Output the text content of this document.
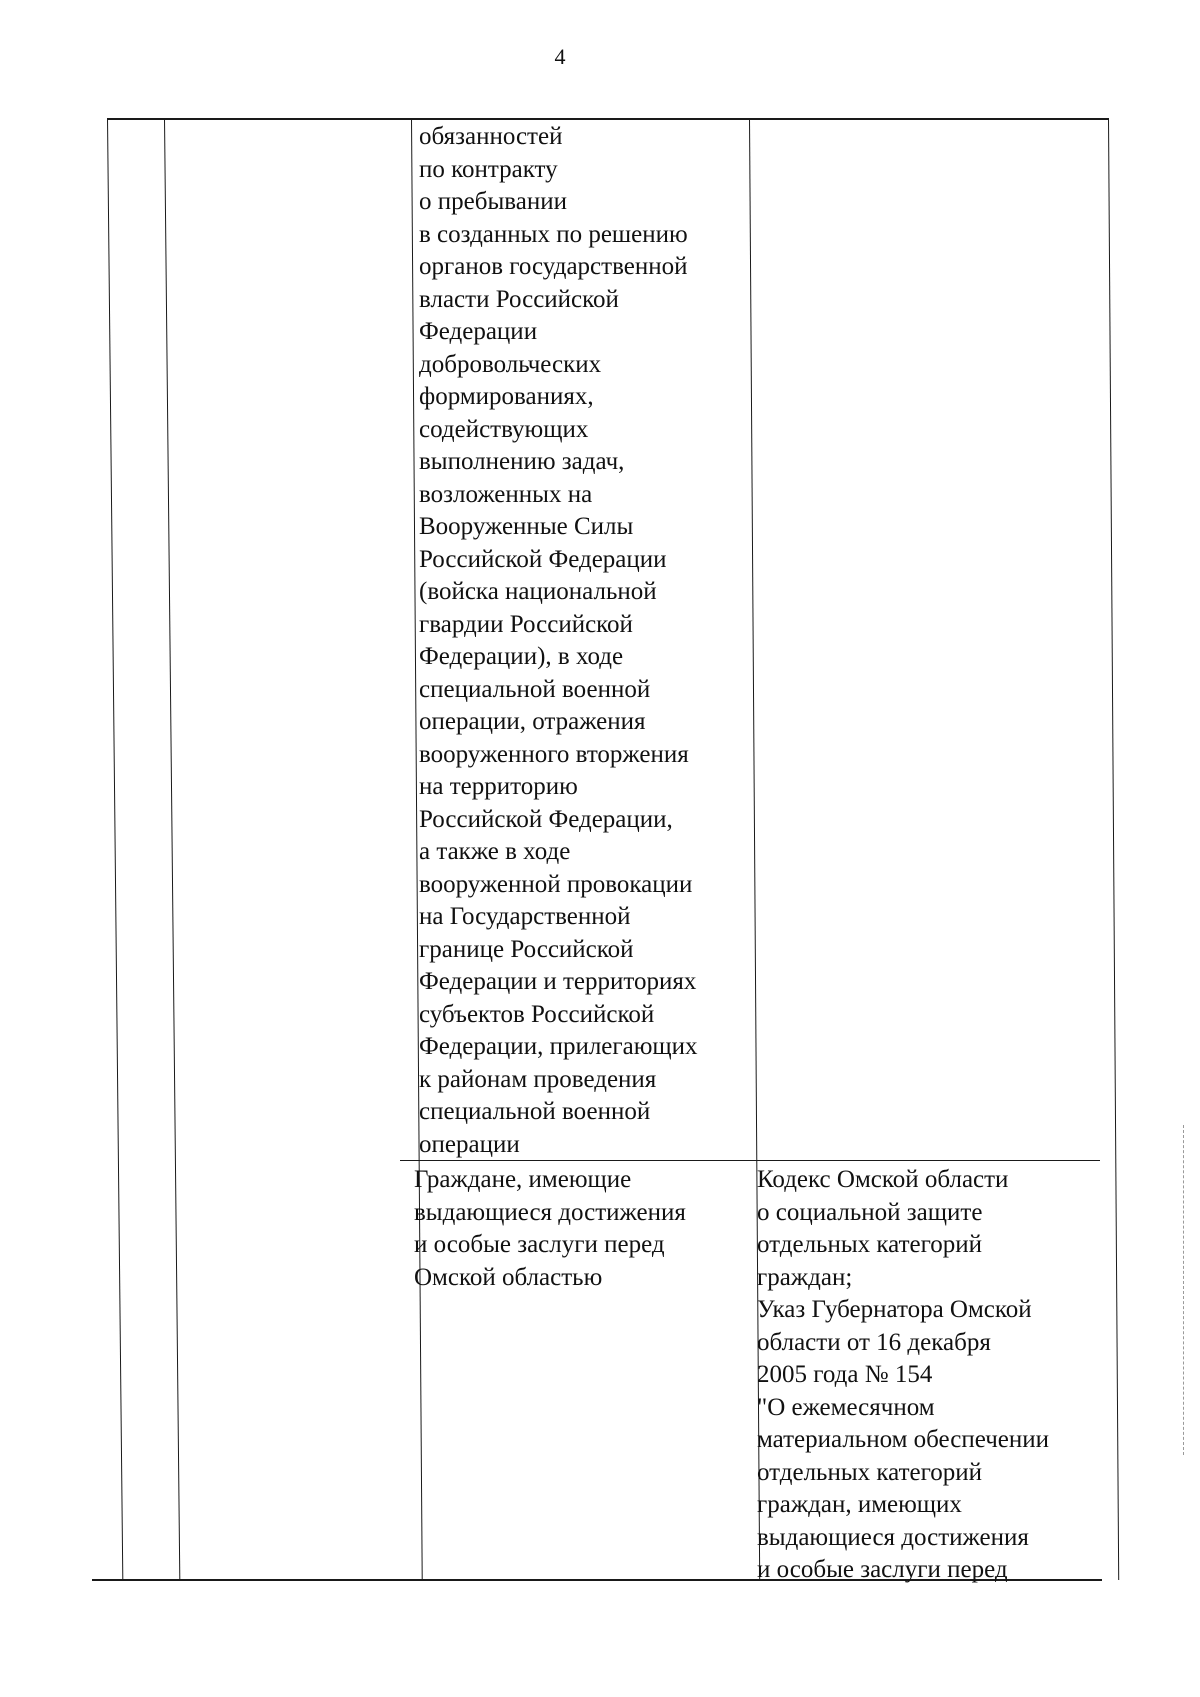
4
обязанностей
по контракту
о пребывании
в созданных по решению
органов государственной
власти Российской
Федерации
добровольческих
формированиях,
содействующих
выполнению задач,
возложенных на
Вооруженные Силы
Российской Федерации
(войска национальной
гвардии Российской
Федерации), в ходе
специальной военной
операции, отражения
вооруженного вторжения
на территорию
Российской Федерации,
а также в ходе
вооруженной провокации
на Государственной
границе Российской
Федерации и территориях
субъектов Российской
Федерации, прилегающих
к районам проведения
специальной военной
операции
Граждане, имеющие
выдающиеся достижения
и особые заслуги перед
Омской областью
Кодекс Омской области
о социальной защите
отдельных категорий
граждан;
Указ Губернатора Омской
области от 16 декабря
2005 года № 154
"О ежемесячном
материальном обеспечении
отдельных категорий
граждан, имеющих
выдающиеся достижения
и особые заслуги перед
